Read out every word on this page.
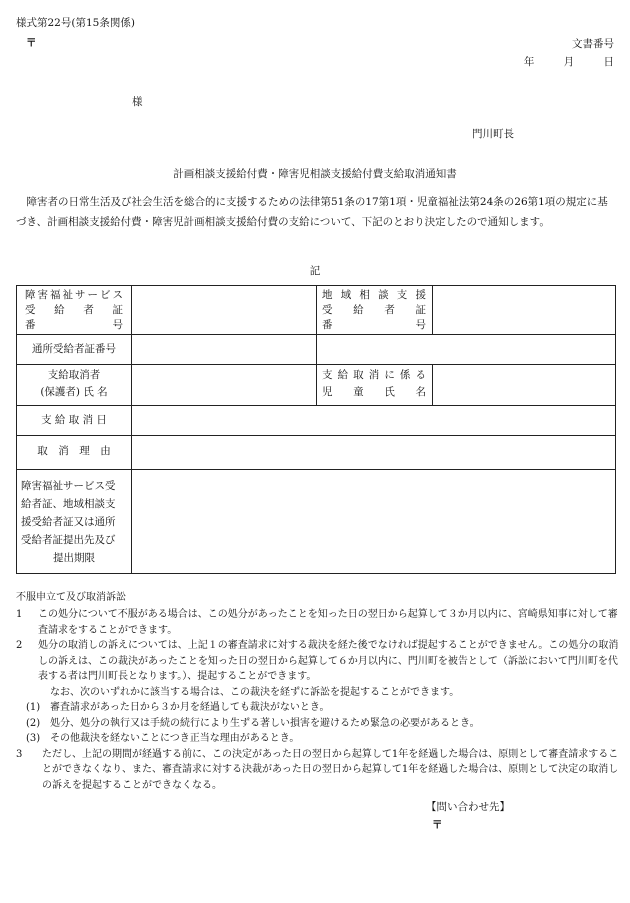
様式第22号(第15条関係)
〒	文書番号
年 月 日
様
門川町長
計画相談支援給付費・障害児相談支援給付費支給取消通知書
障害者の日常生活及び社会生活を総合的に支援するための法律第51条の17第1項・児童福祉法第24条の26第1項の規定に基づき、計画相談支援給付費・障害児計画相談支援給付費の支給について、下記のとおり決定したので通知します。
記
障害福祉サービス
受　給　者　証
番　　　　　号
地 域 相 談 支 援
受　給　者　証
番　　　　　号
通所受給者証番号
支給取消者
(保護者) 氏 名
支 給 取 消 に 係 る
児　童　氏　名
支 給 取 消 日
取　消　理　由
障害福祉サービス受
給者証、地域相談支
援受給者証又は通所
受給者証提出先及び
提出期限
不服申立て及び取消訴訟
1 この処分について不服がある場合は、この処分があったことを知った日の翌日から起算して３か月以内に、宮崎県知事に対して審査請求をすることができます。
2 処分の取消しの訴えについては、上記１の審査請求に対する裁決を経た後でなければ提起することができません。この処分の取消しの訴えは、この裁決があったことを知った日の翌日から起算して６か月以内に、門川町を被告として（訴訟において門川町を代表する者は門川町長となります。）、提起することができます。
なお、次のいずれかに該当する場合は、この裁決を経ずに訴訟を提起することができます。
(1) 審査請求があった日から３か月を経過しても裁決がないとき。
(2) 処分、処分の執行又は手続の続行により生ずる著しい損害を避けるため緊急の必要があるとき。
(3) その他裁決を経ないことにつき正当な理由があるとき。
3 ただし、上記の期間が経過する前に、この決定があった日の翌日から起算して1年を経過した場合は、原則として審査請求することができなくなり、また、審査請求に対する決裁があった日の翌日から起算して1年を経過した場合は、原則として決定の取消しの訴えを提起することができなくなる。
【問い合わせ先】
〒
